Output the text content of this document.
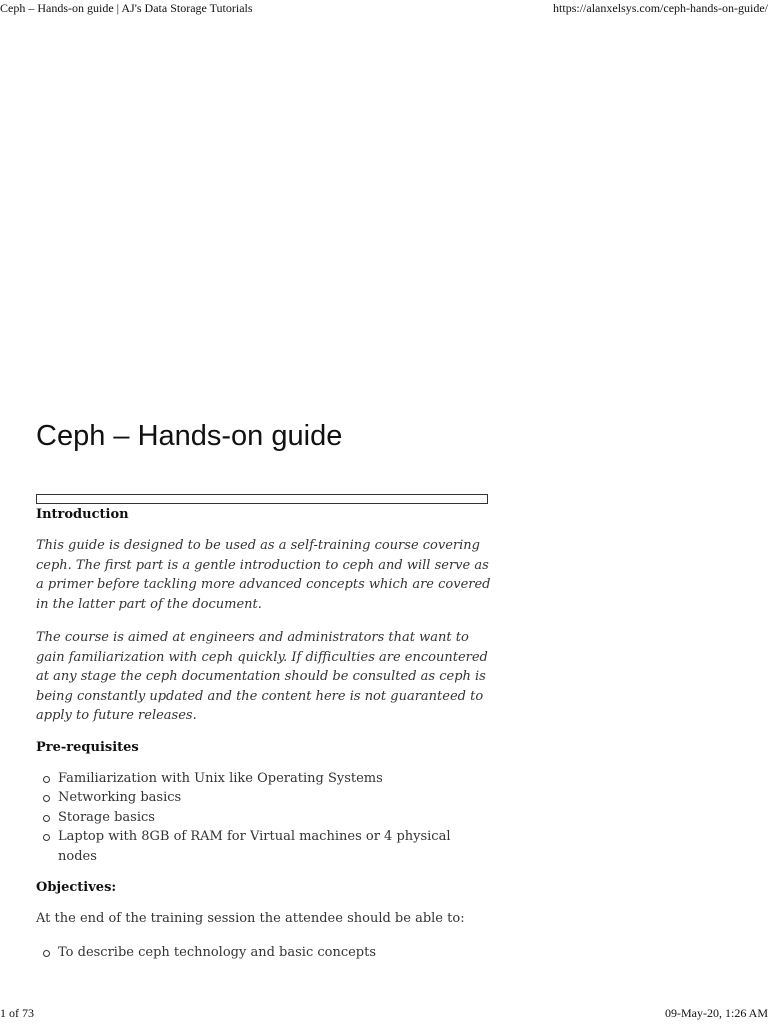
Ceph – Hands-on guide | AJ's Data Storage Tutorials	https://alanxelsys.com/ceph-hands-on-guide/
Ceph – Hands-on guide
Introduction

This guide is designed to be used as a self-training course covering ceph. The first part is a gentle introduction to ceph and will serve as a primer before tackling more advanced concepts which are covered in the latter part of the document.

The course is aimed at engineers and administrators that want to gain familiarization with ceph quickly. If difficulties are encountered at any stage the ceph documentation should be consulted as ceph is being constantly updated and the content here is not guaranteed to apply to future releases.

Pre-requisites
Familiarization with Unix like Operating Systems
Networking basics
Storage basics
Laptop with 8GB of RAM for Virtual machines or 4 physical nodes
Objectives:

At the end of the training session the attendee should be able to:

To describe ceph technology and basic concepts
1 of 73	09-May-20, 1:26 AM
